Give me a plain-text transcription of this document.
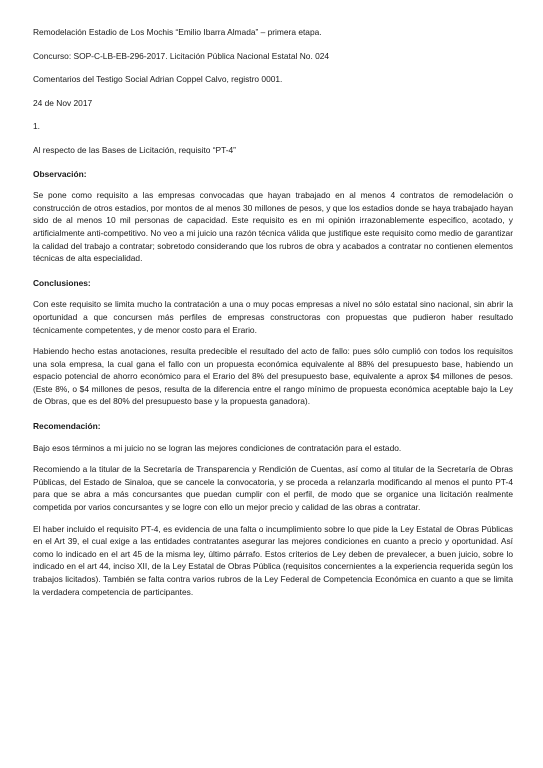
Remodelación Estadio de Los Mochis “Emilio Ibarra Almada” – primera etapa.

Concurso: SOP-C-LB-EB-296-2017. Licitación Pública Nacional Estatal No. 024

Comentarios del Testigo Social Adrian Coppel Calvo, registro 0001.

24 de Nov 2017

1.

Al respecto de las Bases de Licitación, requisito “PT-4”

Observación:

Se pone como requisito a las empresas convocadas que hayan trabajado en al menos 4 contratos de remodelación o construcción de otros estadios, por montos de al menos 30 millones de pesos, y que los estadios donde se haya trabajado hayan sido de al menos 10 mil personas de capacidad. Este requisito es en mi opinión irrazonablemente especifico, acotado, y artificialmente anti-competitivo. No veo a mi juicio una razón técnica válida que justifique este requisito como medio de garantizar la calidad del trabajo a contratar; sobretodo considerando que los rubros de obra y acabados a contratar no contienen elementos técnicas de alta especialidad.

Conclusiones:

Con este requisito se limita mucho la contratación a una o muy pocas empresas a nivel no sólo estatal sino nacional, sin abrir la oportunidad a que concursen más perfiles de empresas constructoras con propuestas que pudieron haber resultado técnicamente competentes, y de menor costo para el Erario.

Habiendo hecho estas anotaciones, resulta predecible el resultado del acto de fallo: pues sólo cumplió con todos los requisitos una sola empresa, la cual gana el fallo con un propuesta económica equivalente al 88% del presupuesto base, habiendo un espacio potencial de ahorro económico para el Erario del 8% del presupuesto base, equivalente a aprox $4 millones de pesos. (Este 8%, o $4 millones de pesos, resulta de la diferencia entre el rango mínimo de propuesta económica aceptable bajo la Ley de Obras, que es del 80% del presupuesto base y la propuesta ganadora).

Recomendación:

Bajo esos términos a mi juicio no se logran las mejores condiciones de contratación para el estado.

Recomiendo a la titular de la Secretaría de Transparencia y Rendición de Cuentas, así como al titular de la Secretaría de Obras Públicas, del Estado de Sinaloa, que se cancele la convocatoria, y se proceda a relanzarla modificando al menos el punto PT-4 para que se abra a más concursantes que puedan cumplir con el perfil, de modo que se organice una licitación realmente competida por varios concursantes y se logre con ello un mejor precio y calidad de las obras a contratar.

El haber incluido el requisito PT-4, es evidencia de una falta o incumplimiento sobre lo que pide la Ley Estatal de Obras Públicas en el Art 39, el cual exige a las entidades contratantes asegurar las mejores condiciones en cuanto a precio y oportunidad. Así como lo indicado en el art 45 de la misma ley, último párrafo. Estos criterios de Ley deben de prevalecer, a buen juicio, sobre lo indicado en el art 44, inciso XII, de la Ley Estatal de Obras Pública (requisitos concernientes a la experiencia requerida según los trabajos licitados). También se falta contra varios rubros de la Ley Federal de Competencia Económica en cuanto a que se limita la verdadera competencia de participantes.
